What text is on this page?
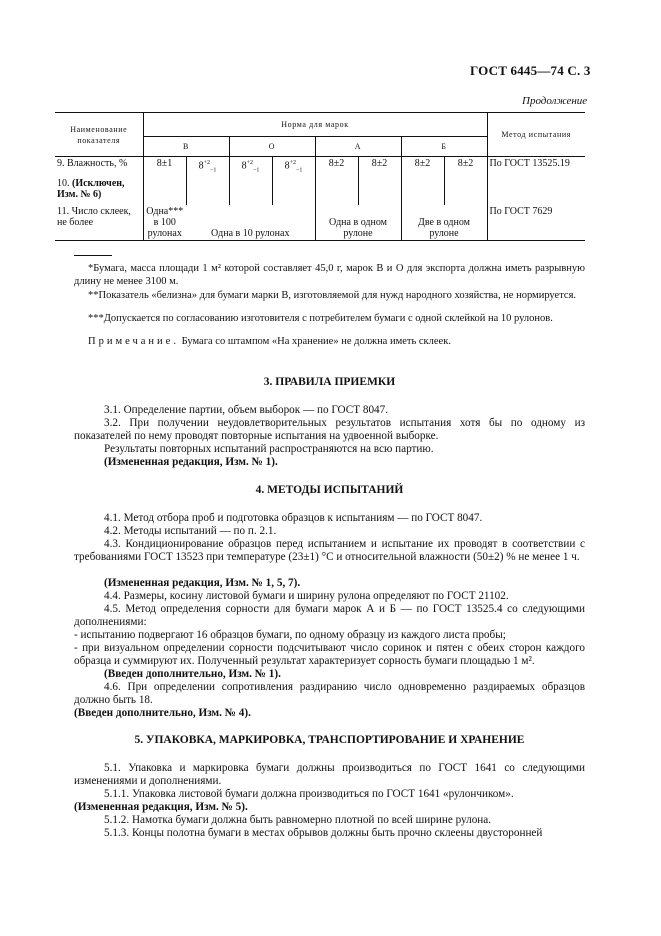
ГОСТ 6445—74 С. 3
Продолжение
Наименование показателя	Норма для марок								Метод испытания
	В		О		А		Б		
9. Влажность, %	8±1	$8^{+2}_{-1}$	$8^{+2}_{-1}$	$8^{+2}_{-1}$	8±2	8±2	8±2	8±2	По ГОСТ 13525.19
10. (Исключен, Изм. № 6)									
11. Число склеек, не более	Одна*** в 100 рулонах	Одна в 10 рулонах			Одна в одном рулоне		Две в одном рулоне		По ГОСТ 7629

*Бумага, масса площади 1 м² которой составляет 45,0 г, марок В и О для экспорта должна иметь разрывную длину не менее 3100 м.

**Показатель «белизна» для бумаги марки В, изготовляемой для нужд народного хозяйства, не нормируется.

***Допускается по согласованию изготовителя с потребителем бумаги с одной склейкой на 10 рулонов.

Примечание. Бумага со штампом «На хранение» не должна иметь склеек.

3. ПРАВИЛА ПРИЕМКИ

3.1. Определение партии, объем выборок — по ГОСТ 8047.

3.2. При получении неудовлетворительных результатов испытания хотя бы по одному из показателей по нему проводят повторные испытания на удвоенной выборке.

Результаты повторных испытаний распространяются на всю партию.

(Измененная редакция, Изм. № 1).

4. МЕТОДЫ ИСПЫТАНИЙ

4.1. Метод отбора проб и подготовка образцов к испытаниям — по ГОСТ 8047.

4.2. Методы испытаний — по п. 2.1.

4.3. Кондиционирование образцов перед испытанием и испытание их проводят в соответствии с требованиями ГОСТ 13523 при температуре (23±1) °С и относительной влажности (50±2) % не менее 1 ч.

(Измененная редакция, Изм. № 1, 5, 7).

4.4. Размеры, косину листовой бумаги и ширину рулона определяют по ГОСТ 21102.

4.5. Метод определения сорности для бумаги марок А и Б — по ГОСТ 13525.4 со следующими дополнениями:

- испытанию подвергают 16 образцов бумаги, по одному образцу из каждого листа пробы;

- при визуальном определении сорности подсчитывают число соринок и пятен с обеих сторон каждого образца и суммируют их. Полученный результат характеризует сорность бумаги площадью 1 м².

(Введен дополнительно, Изм. № 1).

4.6. При определении сопротивления раздиранию число одновременно раздираемых образцов должно быть 18.

(Введен дополнительно, Изм. № 4).

5. УПАКОВКА, МАРКИРОВКА, ТРАНСПОРТИРОВАНИЕ И ХРАНЕНИЕ

5.1. Упаковка и маркировка бумаги должны производиться по ГОСТ 1641 со следующими изменениями и дополнениями.

5.1.1. Упаковка листовой бумаги должна производиться по ГОСТ 1641 «рулончиком».

(Измененная редакция, Изм. № 5).

5.1.2. Намотка бумаги должна быть равномерно плотной по всей ширине рулона.

5.1.3. Концы полотна бумаги в местах обрывов должны быть прочно склеены двусторонней
